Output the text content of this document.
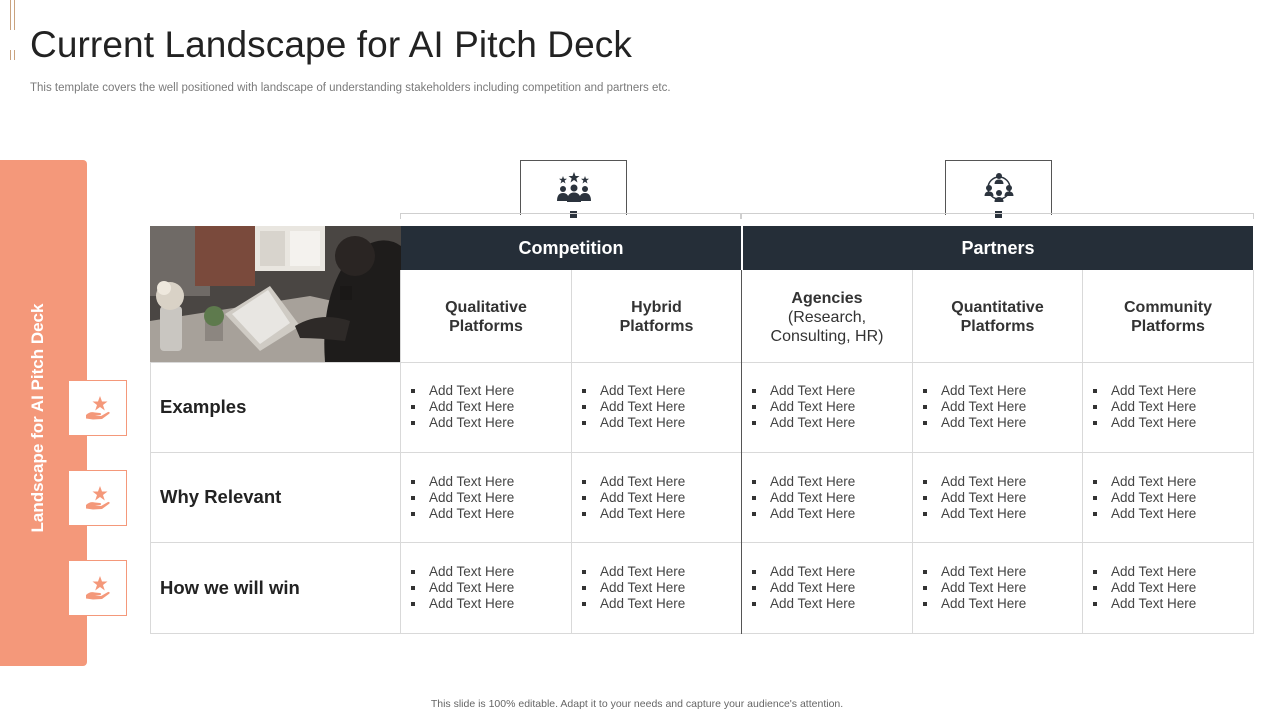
Current Landscape for AI Pitch Deck

This template covers the well positioned with landscape of understanding stakeholders including competition and partners etc.

Landscape for AI Pitch Deck
Competition	Partners
Qualitative
Platforms
Hybrid
Platforms
Agencies
(Research,
Consulting, HR)
Quantitative
Platforms
Community
Platforms
Examples
Why Relevant
How we will win
Add Text Here
Add Text Here
Add Text Here
Add Text Here
Add Text Here
Add Text Here
Add Text Here
Add Text Here
Add Text Here
Add Text Here
Add Text Here
Add Text Here
Add Text Here
Add Text Here
Add Text Here
Add Text Here
Add Text Here
Add Text Here
Add Text Here
Add Text Here
Add Text Here
Add Text Here
Add Text Here
Add Text Here
Add Text Here
Add Text Here
Add Text Here
Add Text Here
Add Text Here
Add Text Here
Add Text Here
Add Text Here
Add Text Here
Add Text Here
Add Text Here
Add Text Here
Add Text Here
Add Text Here
Add Text Here
Add Text Here
Add Text Here
Add Text Here
Add Text Here
Add Text Here
Add Text Here
This slide is 100% editable. Adapt it to your needs and capture your audience's attention.
